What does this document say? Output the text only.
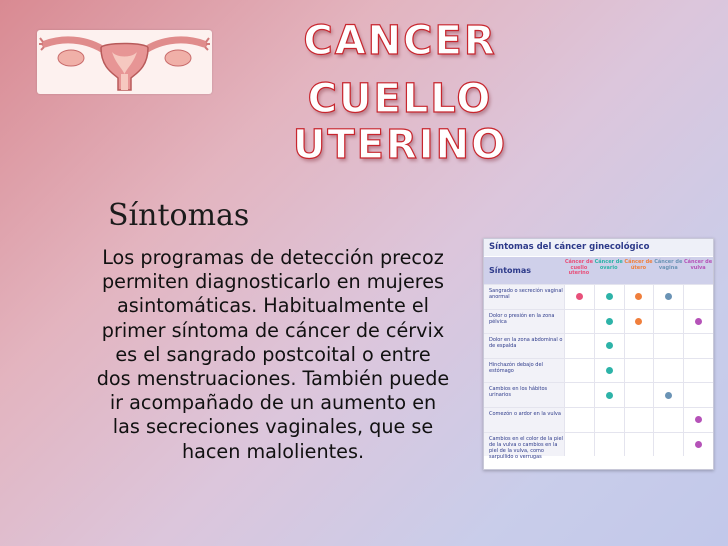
CANCER
CUELLO UTERINO
Síntomas
Los programas de detección precoz permiten diagnosticarlo en mujeres asintomáticas. Habitualmente el primer síntoma de cáncer de cérvix es el sangrado postcoital o entre dos menstruaciones. También puede ir acompañado de un aumento en las secreciones vaginales, que se hacen malolientes.
Síntomas del cáncer ginecológico
Síntomas
Cáncer de cuello uterino
Cáncer de ovario
Cáncer de útero
Cáncer de vagina
Cáncer de vulva
Sangrado o secreción vaginal anormal
Dolor o presión en la zona pélvica
Dolor en la zona abdominal o de espalda
Hinchazón debajo del estómago
Cambios en los hábitos urinarios
Comezón o ardor en la vulva
Cambios en el color de la piel de la vulva o cambios en la piel de la vulva, como sarpullido o verrugas
